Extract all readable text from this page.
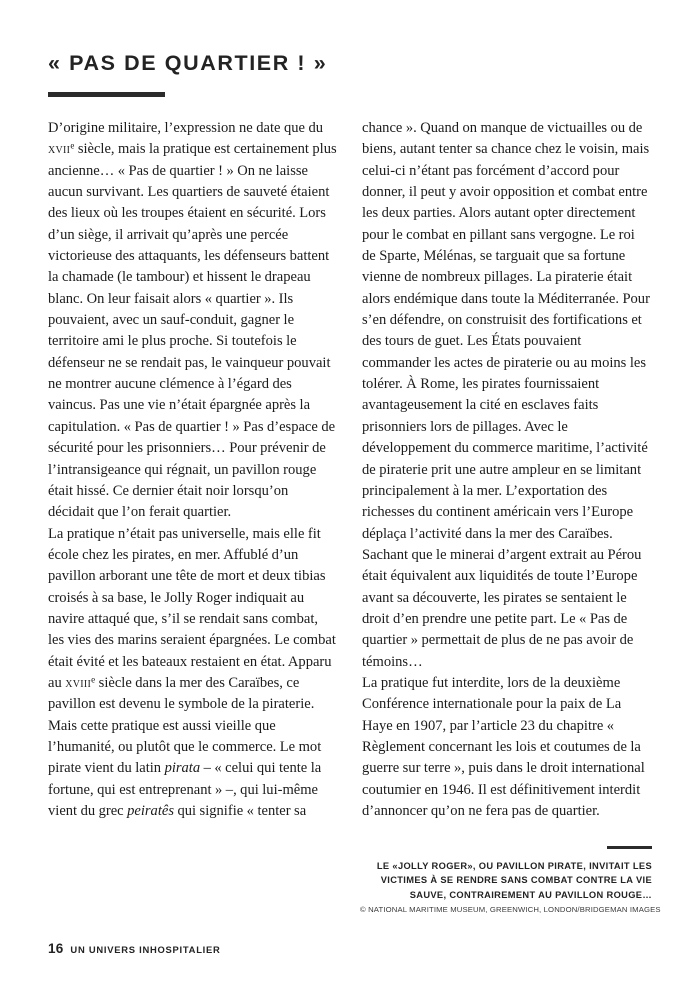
« PAS DE QUARTIER ! »

D’origine militaire, l’expression ne date que du xvii$^e$ siècle, mais la pratique est certainement plus ancienne… « Pas de quartier ! » On ne laisse aucun survivant. Les quartiers de sauveté étaient des lieux où les troupes étaient en sécurité. Lors d’un siège, il arrivait qu’après une percée victorieuse des attaquants, les défenseurs battent la chamade (le tambour) et hissent le drapeau blanc. On leur faisait alors « quartier ». Ils pouvaient, avec un sauf-conduit, gagner le territoire ami le plus proche. Si toutefois le défenseur ne se rendait pas, le vainqueur pouvait ne montrer aucune clémence à l’égard des vaincus. Pas une vie n’était épargnée après la capitulation. « Pas de quartier ! » Pas d’espace de sécurité pour les prisonniers… Pour prévenir de l’intransigeance qui régnait, un pavillon rouge était hissé. Ce dernier était noir lorsqu’on décidait que l’on ferait quartier.

La pratique n’était pas universelle, mais elle fit école chez les pirates, en mer. Affublé d’un pavillon arborant une tête de mort et deux tibias croisés à sa base, le Jolly Roger indiquait au navire attaqué que, s’il se rendait sans combat, les vies des marins seraient épargnées. Le combat était évité et les bateaux restaient en état. Apparu au xviii$^e$ siècle dans la mer des Caraïbes, ce pavillon est devenu le symbole de la piraterie.

Mais cette pratique est aussi vieille que l’humanité, ou plutôt que le commerce. Le mot pirate vient du latin pirata – « celui qui tente la fortune, qui est entreprenant » –, qui lui-même vient du grec peiratês qui signifie « tenter sa

chance ». Quand on manque de victuailles ou de biens, autant tenter sa chance chez le voisin, mais celui-ci n’étant pas forcément d’accord pour donner, il peut y avoir opposition et combat entre les deux parties. Alors autant opter directement pour le combat en pillant sans vergogne. Le roi de Sparte, Mélénas, se targuait que sa fortune vienne de nombreux pillages. La piraterie était alors endémique dans toute la Méditerranée. Pour s’en défendre, on construisit des fortifications et des tours de guet. Les États pouvaient commander les actes de piraterie ou au moins les tolérer. À Rome, les pirates fournissaient avantageusement la cité en esclaves faits prisonniers lors de pillages. Avec le développement du commerce maritime, l’activité de piraterie prit une autre ampleur en se limitant principalement à la mer. L’exportation des richesses du continent américain vers l’Europe déplaça l’activité dans la mer des Caraïbes. Sachant que le minerai d’argent extrait au Pérou était équivalent aux liquidités de toute l’Europe avant sa découverte, les pirates se sentaient le droit d’en prendre une petite part. Le « Pas de quartier » permettait de plus de ne pas avoir de témoins…

La pratique fut interdite, lors de la deuxième Conférence internationale pour la paix de La Haye en 1907, par l’article 23 du chapitre « Règlement concernant les lois et coutumes de la guerre sur terre », puis dans le droit international coutumier en 1946. Il est définitivement interdit d’annoncer qu’on ne fera pas de quartier.

LE «JOLLY ROGER», OU PAVILLON PIRATE, INVITAIT LES VICTIMES À SE RENDRE SANS COMBAT CONTRE LA VIE SAUVE, CONTRAIREMENT AU PAVILLON ROUGE…

© NATIONAL MARITIME MUSEUM, GREENWICH, LONDON/BRIDGEMAN IMAGES

16 UN UNIVERS INHOSPITALIER
